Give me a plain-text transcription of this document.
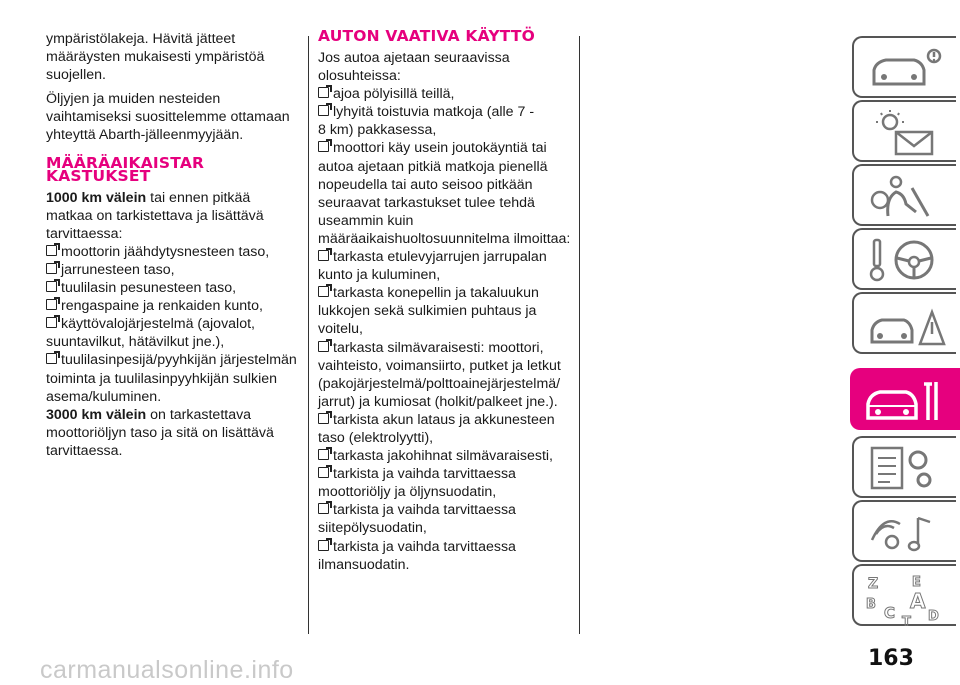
ympäristölakeja. Hävitä jätteet
määräysten mukaisesti ympäristöä
suojellen.

Öljyjen ja muiden nesteiden
vaihtamiseksi suosittelemme ottamaan
yhteyttä Abarth-jälleenmyyjään.

MÄÄRÄAIKAISTAR
KASTUKSET

1000 km välein tai ennen pitkää
matkaa on tarkistettava ja lisättävä
tarvittaessa:

moottorin jäähdytysnesteen taso,
jarrunesteen taso,
tuulilasin pesunesteen taso,
rengaspaine ja renkaiden kunto,
käyttövalojärjestelmä (ajovalot,
suuntavilkut, hätävilkut jne.),
tuulilasinpesijä/pyyhkijän järjestelmän
toiminta ja tuulilasinpyyhkijän sulkien
asema/kuluminen.

3000 km välein on tarkastettava
moottoriöljyn taso ja sitä on lisättävä
tarvittaessa.

AUTON VAATIVA KÄYTTÖ

Jos autoa ajetaan seuraavissa
olosuhteissa:

ajoa pölyisillä teillä,
lyhyitä toistuvia matkoja (alle 7 -
8 km) pakkasessa,
moottori käy usein joutokäyntiä tai
autoa ajetaan pitkiä matkoja pienellä
nopeudella tai auto seisoo pitkään

seuraavat tarkastukset tulee tehdä
useammin kuin
määräaikaishuoltosuunnitelma ilmoittaa:

tarkasta etulevyjarrujen jarrupalan
kunto ja kuluminen,
tarkasta konepellin ja takaluukun
lukkojen sekä sulkimien puhtaus ja
voitelu,
tarkasta silmävaraisesti: moottori,
vaihteisto, voimansiirto, putket ja letkut
(pakojärjestelmä/polttoainejärjestelmä/
jarrut) ja kumiosat (holkit/palkeet jne.).
tarkista akun lataus ja akkunesteen
taso (elektrolyytti),
tarkasta jakohihnat silmävaraisesti,
tarkista ja vaihda tarvittaessa
moottoriöljy ja öljynsuodatin,
tarkista ja vaihda tarvittaessa
siitepölysuodatin,
tarkista ja vaihda tarvittaessa
ilmansuodatin.
Z	E
B A
C	D
T
163
carmanualsonline.info
